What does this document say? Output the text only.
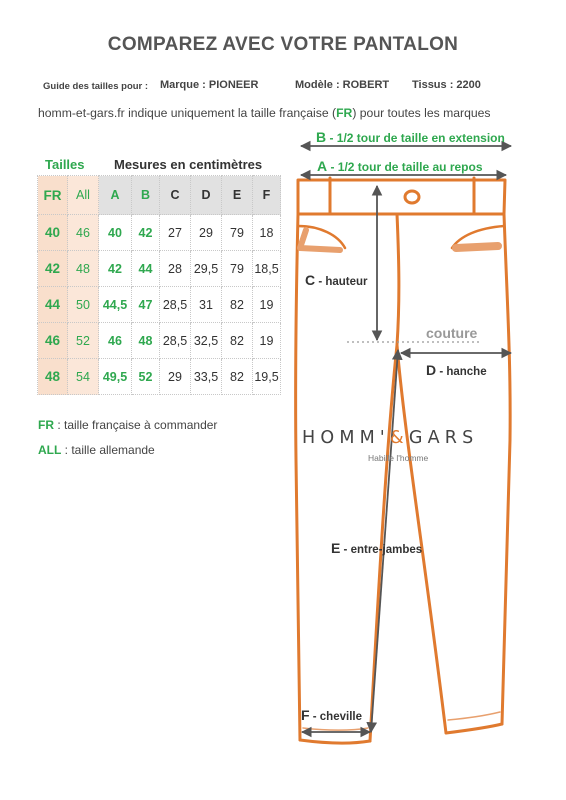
COMPAREZ AVEC VOTRE PANTALON
Guide des tailles pour : Marque : PIONEER	Modèle : ROBERT Tissus : 2200
homm-et-gars.fr indique uniquement la taille française (FR) pour toutes les marques
Tailles Mesures en centimètres
FR	All	A	B	C	D	E	F
40	46	40	42	27	29	79	18
42	48	42	44	28	29,5	79	18,5
44	50	44,5	47	28,5	31	82	19
46	52	46	48	28,5	32,5	82	19
48	54	49,5	52	29	33,5	82	19,5
FR : taille française à commander
ALL : taille allemande
B - 1/2 tour de taille en extension
A - 1/2 tour de taille au repos
C - hauteur
couture
D - hanche
E - entre-jambes
F - cheville
HOMM'&GARS
Habille l'homme
